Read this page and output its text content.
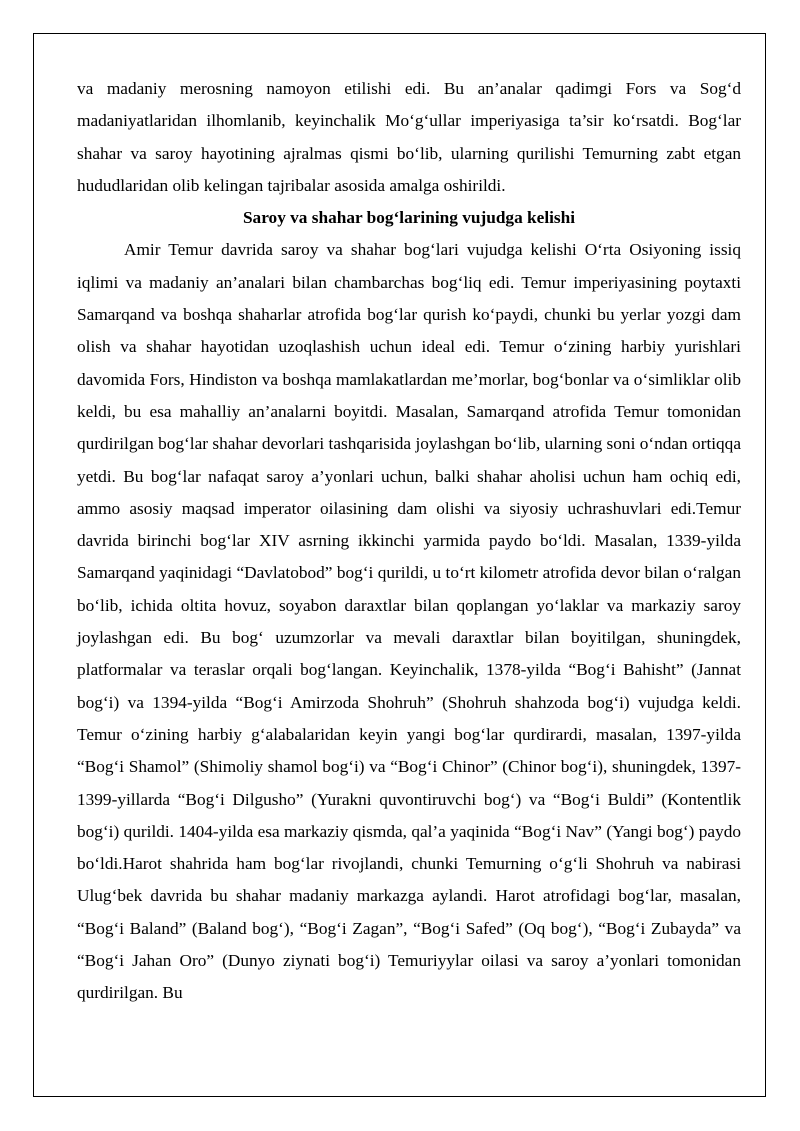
va madaniy merosning namoyon etilishi edi. Bu an’analar qadimgi Fors va Sog‘d madaniyatlaridan ilhomlanib, keyinchalik Mo‘g‘ullar imperiyasiga ta’sir ko‘rsatdi. Bog‘lar shahar va saroy hayotining ajralmas qismi bo‘lib, ularning qurilishi Temurning zabt etgan hududlaridan olib kelingan tajribalar asosida amalga oshirildi.

Saroy va shahar bog‘larining vujudga kelishi

Amir Temur davrida saroy va shahar bog‘lari vujudga kelishi O‘rta Osiyoning issiq iqlimi va madaniy an’analari bilan chambarchas bog‘liq edi. Temur imperiyasining poytaxti Samarqand va boshqa shaharlar atrofida bog‘lar qurish ko‘paydi, chunki bu yerlar yozgi dam olish va shahar hayotidan uzoqlashish uchun ideal edi. Temur o‘zining harbiy yurishlari davomida Fors, Hindiston va boshqa mamlakatlardan me’morlar, bog‘bonlar va o‘simliklar olib keldi, bu esa mahalliy an’analarni boyitdi. Masalan, Samarqand atrofida Temur tomonidan qurdirilgan bog‘lar shahar devorlari tashqarisida joylashgan bo‘lib, ularning soni o‘ndan ortiqqa yetdi. Bu bog‘lar nafaqat saroy a’yonlari uchun, balki shahar aholisi uchun ham ochiq edi, ammo asosiy maqsad imperator oilasining dam olishi va siyosiy uchrashuvlari edi.Temur davrida birinchi bog‘lar XIV asrning ikkinchi yarmida paydo bo‘ldi. Masalan, 1339-yilda Samarqand yaqinidagi “Davlatobod” bog‘i qurildi, u to‘rt kilometr atrofida devor bilan o‘ralgan bo‘lib, ichida oltita hovuz, soyabon daraxtlar bilan qoplangan yo‘laklar va markaziy saroy joylashgan edi. Bu bog‘ uzumzorlar va mevali daraxtlar bilan boyitilgan, shuningdek, platformalar va teraslar orqali bog‘langan. Keyinchalik, 1378-yilda “Bog‘i Bahisht” (Jannat bog‘i) va 1394-yilda “Bog‘i Amirzoda Shohruh” (Shohruh shahzoda bog‘i) vujudga keldi. Temur o‘zining harbiy g‘alabalaridan keyin yangi bog‘lar qurdirardi, masalan, 1397-yilda “Bog‘i Shamol” (Shimoliy shamol bog‘i) va “Bog‘i Chinor” (Chinor bog‘i), shuningdek, 1397-1399-yillarda “Bog‘i Dilgusho” (Yurakni quvontiruvchi bog‘) va “Bog‘i Buldi” (Kontentlik bog‘i) qurildi. 1404-yilda esa markaziy qismda, qal’a yaqinida “Bog‘i Nav” (Yangi bog‘) paydo bo‘ldi.Harot shahrida ham bog‘lar rivojlandi, chunki Temurning o‘g‘li Shohruh va nabirasi Ulug‘bek davrida bu shahar madaniy markazga aylandi. Harot atrofidagi bog‘lar, masalan, “Bog‘i Baland” (Baland bog‘), “Bog‘i Zagan”, “Bog‘i Safed” (Oq bog‘), “Bog‘i Zubayda” va “Bog‘i Jahan Oro” (Dunyo ziynati bog‘i) Temuriyylar oilasi va saroy a’yonlari tomonidan qurdirilgan. Bu
